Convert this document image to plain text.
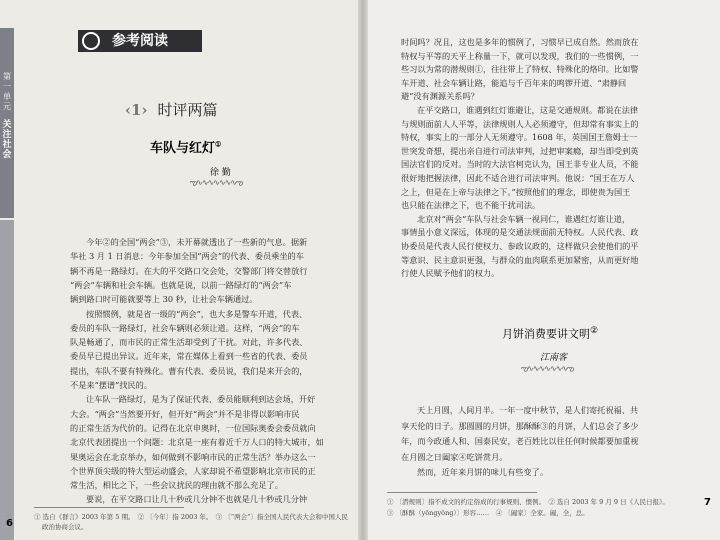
第一单元
关注社会
参考阅读
‹1› 时评两篇
车队与红灯①
徐 勤
ఌ∿∿∿∿∿∿∿ఌ
今年②的全国“两会”③，未开幕就透出了一些新的气息。据新
华社 3 月 1 日消息：今年参加全国“两会”的代表、委员乘坐的车
辆不再是一路绿灯。在大的平交路口交会处，交警部门将交替放行
“两会”车辆和社会车辆。也就是说，以前一路绿灯的“两会”车
辆到路口时可能就要等上 30 秒，让社会车辆通过。
按照惯例，就是省一级的“两会”，也大多是警车开道，代表、
委员的车队一路绿灯，社会车辆则必须让道。这样，“两会”的车
队是畅通了，而市民的正常生活却受到了干扰。对此，许多代表、
委员早已提出异议。近年来，常在媒体上看到一些省的代表、委员
提出，车队不要有特殊化。曹有代表、委员说，我们是来开会的，
不是来“摆谱”找民的。
让车队一路绿灯，是为了保证代表、委员能顺利到达会场，开好
大会。“两会”当然要开好，但开好“两会”并不是非得以影响市民
的正常生活为代价的。记得在北京申奥时，一位国际奥委会委员就向
北京代表团提出一个问题：北京是一座有着近千万人口的特大城市，如
果奥运会在北京举办，如何做到不影响市民的正常生活？举办这么一
个世界顶尖级的特大型运动盛会，人家却说不希望影响北京市民的正
常生活，相比之下，一些会议扰民的理由就不那么充足了。
要说，在平交路口让几十秒或几分钟不也就是几十秒或几分钟
① 选自《群言》2003 年第 5 期。　② 〔今年〕指 2003 年。　③ 〔“两会”〕指全国人民代表大会和中国人民
政治协商会议。
6
时间吗？况且，这也是多年的惯例了，习惯早已成自然。然而放在
特权与平等的天平上称量一下，就可以发现，我们的一些惯例，一
些习以为常的潜规则①，往往带上了特权、特殊化的烙印。比如警
车开道、社会车辆让路，能追与千百年来的鸣锣开道、“肃静回
避”没有渊源关系吗？
在平交路口，谁遇到红灯谁避让，这是交通规则。都说在法律
与规则面前人人平等，法律规则人人必须遵守，但却常有事实上的
特权，事实上的一部分人无须遵守。1608 年，英国国王詹姆士一
世突发奇想，提出亲自进行司法审判，过把审案瘾，却当即受到英
国法官们的反对。当时的大法官柯克认为，国王非专业人员，不能
很好地把握法律，因此不适合进行司法审判。他说：“国王在万人
之上，但是在上帝与法律之下。”按照他们的理念，即使贵为国王
也只能在法律之下，也不能干扰司法。
北京对“两会”车队与社会车辆一视同仁，谁遇红灯谁让道，
事情虽小意义深远，体现的是交通法规面前无特权。人民代表、政
协委员是代表人民行使权力、参政议政的，这样做只会使他们的平
等意识、民主意识更强，与群众的血肉联系更加紧密，从而更好地
行使人民赋予他们的权力。
月饼消费要讲文明②
江南客
ఌ∿∿∿∿∿∿∿ఌ
天上月圆，人间月半。一年一度中秋节，是人们寄托祝福、共
享天伦的日子。那圆圆的月饼，那酥酥③的月饼，人们总会了多少
年，而今政通人和、国泰民安，老百姓比以往任何时候都要加重视
在月圆之日阖家④吃饼赏月。
然而，近年来月饼的味儿有些变了。
① 〔潜规则〕指不成文的约定俗成的行事规则、惯例。　② 选自 2003 年 9 月 9 日《人民日报》。
③ 〔酥酥（yōnɡyǒnɡ）〕形容……　④ 〔阖家〕全家。阖，全，总。
7
